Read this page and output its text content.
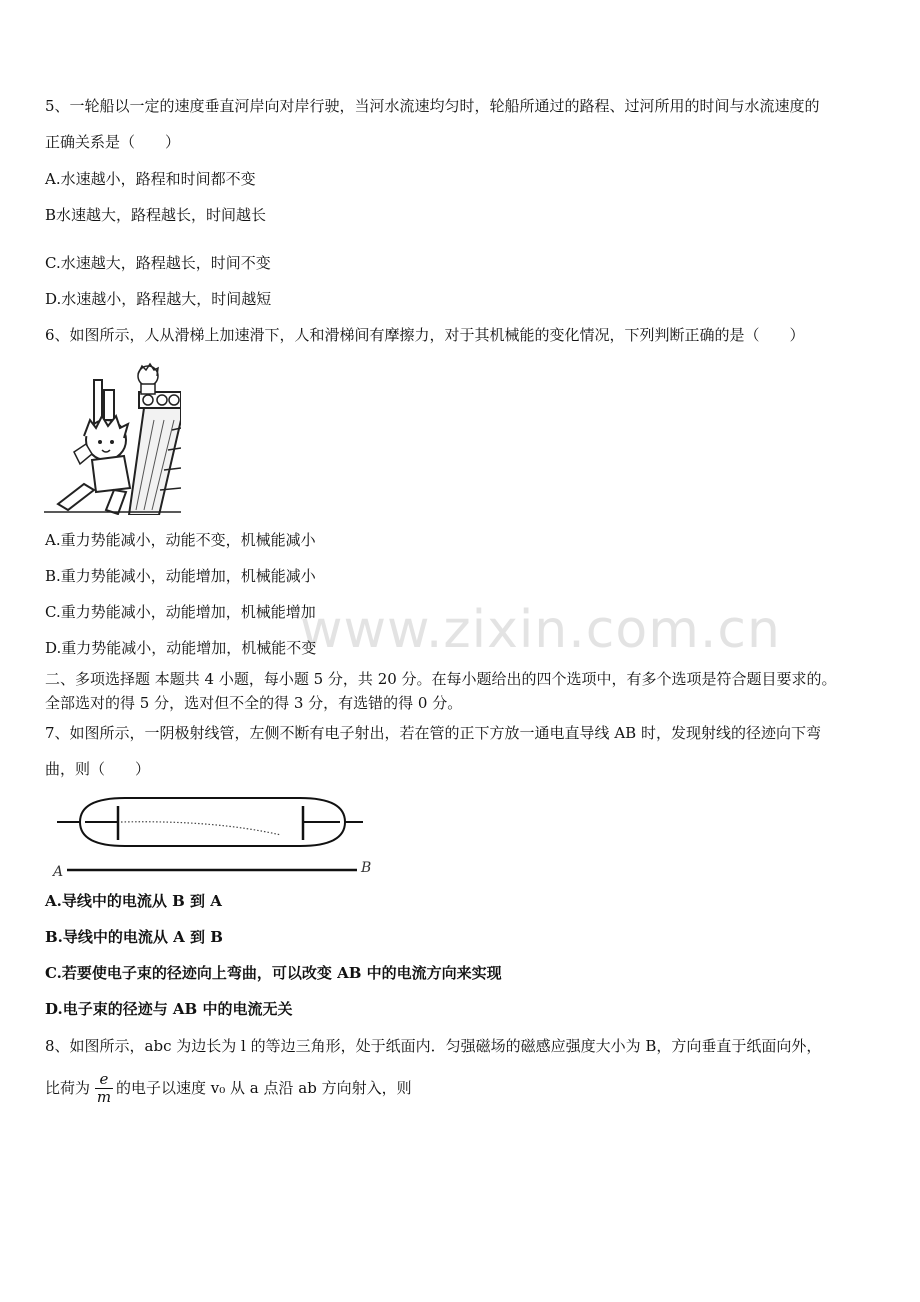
www.zixin.com.cn
5、一轮船以一定的速度垂直河岸向对岸行驶，当河水流速均匀时，轮船所通过的路程、过河所用的时间与水流速度的
正确关系是（　　）
A.水速越小，路程和时间都不变
B水速越大，路程越长，时间越长
C.水速越大，路程越长，时间不变
D.水速越小，路程越大，时间越短
6、如图所示，人从滑梯上加速滑下，人和滑梯间有摩擦力，对于其机械能的变化情况，下列判断正确的是（　　）
A.重力势能减小，动能不变，机械能减小
B.重力势能减小，动能增加，机械能减小
C.重力势能减小，动能增加，机械能增加
D.重力势能减小，动能增加，机械能不变
二、多项选择题 本题共 4 小题，每小题 5 分，共 20 分。在每小题给出的四个选项中，有多个选项是符合题目要求的。
全部选对的得 5 分，选对但不全的得 3 分，有选错的得 0 分。
7、如图所示，一阴极射线管，左侧不断有电子射出，若在管的正下方放一通电直导线 AB 时，发现射线的径迹向下弯
曲，则（　　）
A	B
A.导线中的电流从 B 到 A
B.导线中的电流从 A 到 B
C.若要使电子束的径迹向上弯曲，可以改变 AB 中的电流方向来实现
D.电子束的径迹与 AB 中的电流无关
8、如图所示，abc 为边长为 l 的等边三角形，处于纸面内．匀强磁场的磁感应强度大小为 B，方向垂直于纸面向外，
比荷为 $\frac{e}{m}$ 的电子以速度 v₀ 从 a 点沿 ab 方向射入，则
